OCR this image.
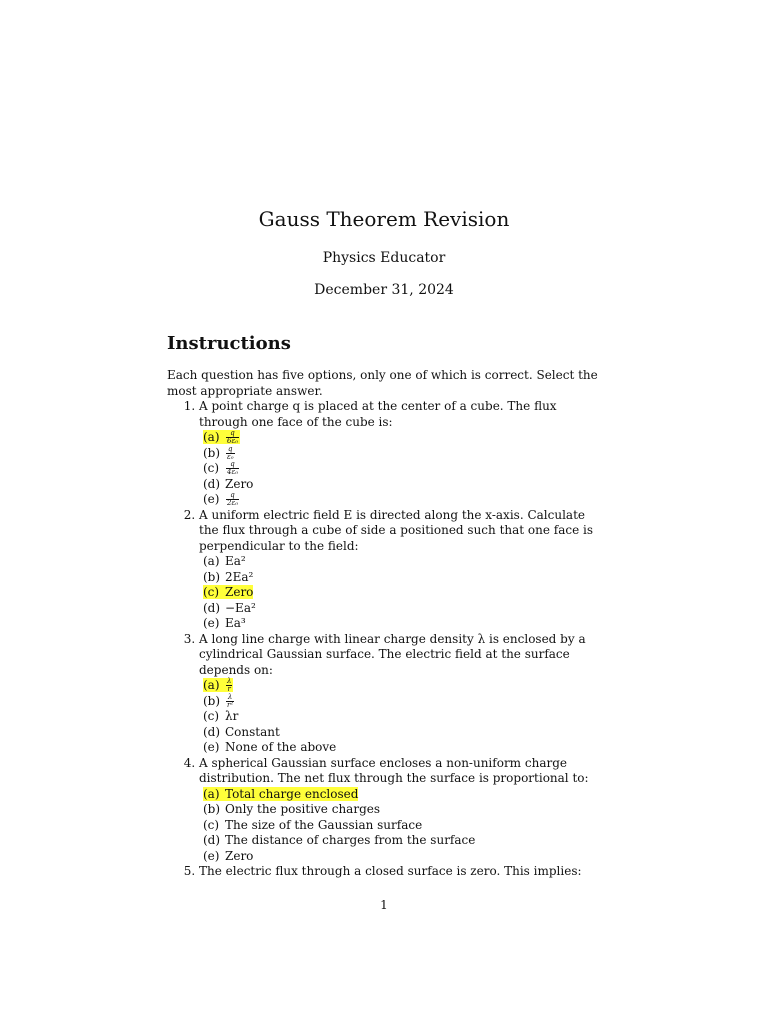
Gauss Theorem Revision
Physics Educator
December 31, 2024
Instructions
Each question has five options, only one of which is correct. Select the most appropriate answer.
1. A point charge q is placed at the center of a cube. The flux through one face of the cube is:
$(a) \frac{q}{\text{6ε₀}}$
$(b) \frac{q}{\text{ε₀}}$
$(c) \frac{q}{\text{4ε₀}}$
(d) Zero
$(e) \frac{q}{\text{2ε₀}}$
2. A uniform electric field E is directed along the x-axis. Calculate the flux through a cube of side a positioned such that one face is perpendicular to the field:
(a) Ea²
(b) 2Ea²
(c) Zero
(d) −Ea²
(e) Ea³
3. A long line charge with linear charge density λ is enclosed by a cylindrical Gaussian surface. The electric field at the surface depends on:
$(a) \frac{\lambda}{r}$
$(b) \frac{\lambda}{\text{r²}}$
(c) λr
(d) Constant
(e) None of the above
4. A spherical Gaussian surface encloses a non-uniform charge distribution. The net flux through the surface is proportional to:
(a) Total charge enclosed
(b) Only the positive charges
(c) The size of the Gaussian surface
(d) The distance of charges from the surface
(e) Zero
5. The electric flux through a closed surface is zero. This implies:
1
